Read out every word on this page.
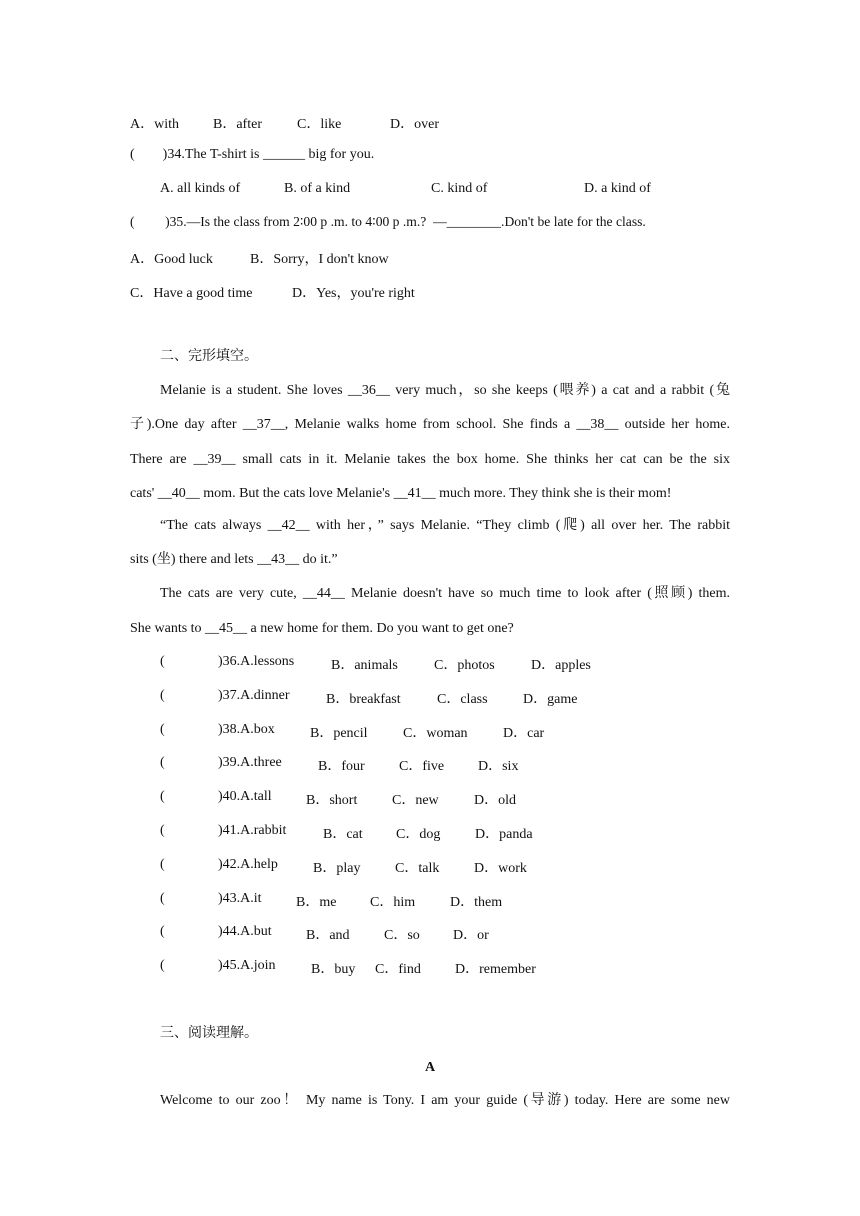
A．with B．after	C．like	D．over
(        )34.The T-shirt is ______ big for you.
A. all kinds of	B. of a kind	C. kind of	D. a kind of
(         )35.—Is the class from 2∶00 p .m. to 4∶00 p .m.?  —________.Don't be late for the class.
A．Good luck	B．Sorry，I don't know
C．Have a good time	D．Yes，you're right
二、完形填空。
Melanie is a student. She loves __36__ very much，so she keeps (喂养) a cat and a rabbit (兔
子).One day after __37__, Melanie walks home from school. She finds a __38__ outside her home.
There are __39__ small cats in it. Melanie takes the box home. She thinks her cat can be the six
cats' __40__ mom. But the cats love Melanie's __41__ much more. They think she is their mom!
“The cats always __42__ with her，” says Melanie. “They climb (爬) all over her. The rabbit
sits (坐) there and lets __43__ do it.”
The cats are very cute, __44__ Melanie doesn't have so much time to look after (照顾) them.
She wants to __45__ a new home for them. Do you want to get one?
(	)36.A.lessons	B．animals	C．photos	D．apples
(	)37.A.dinner	B．breakfast	C．class	D．game
(	)38.A.box	B．pencil	C．woman	D．car
(	)39.A.three	B．four C．five D．six
(	)40.A.tall B．short C．new	D．old
(	)41.A.rabbit	B．cat C．dog D．panda
(	)42.A.help	B．play C．talk D．work
(	)43.A.it B．me C．him D．them
(	)44.A.but B．and C．so D．or
(	)45.A.join	B．buy C．find D．remember
三、阅读理解。
A
Welcome to our zoo！ My name is Tony. I am your guide (导游) today. Here are some new
